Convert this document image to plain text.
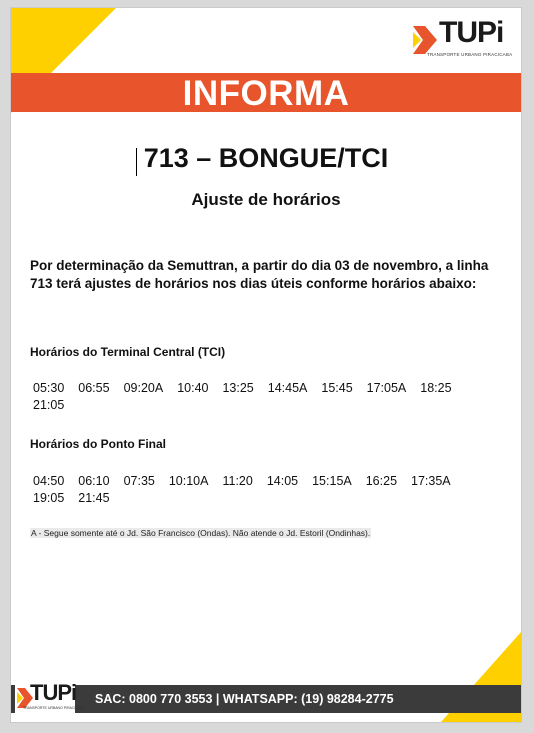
TUPi
TRANSPORTE URBANO PIRACICABA
INFORMA
713 – BONGUE/TCI
Ajuste de horários
Por determinação da Semuttran, a partir do dia 03 de novembro, a linha 713 terá ajustes de horários nos dias úteis conforme horários abaixo:
Horários do Terminal Central (TCI)
05:30 06:55 09:20A 10:40 13:25 14:45A 15:45 17:05A 18:25
21:05
Horários do Ponto Final
04:50 06:10 07:35 10:10A 11:20 14:05 15:15A 16:25 17:35A
19:05 21:45
A - Segue somente até o Jd. São Francisco (Ondas). Não atende o Jd. Estoril (Ondinhas).
TUPi
TRANSPORTE URBANO PIRACICABA
SAC: 0800 770 3553 | WHATSAPP: (19) 98284-2775
